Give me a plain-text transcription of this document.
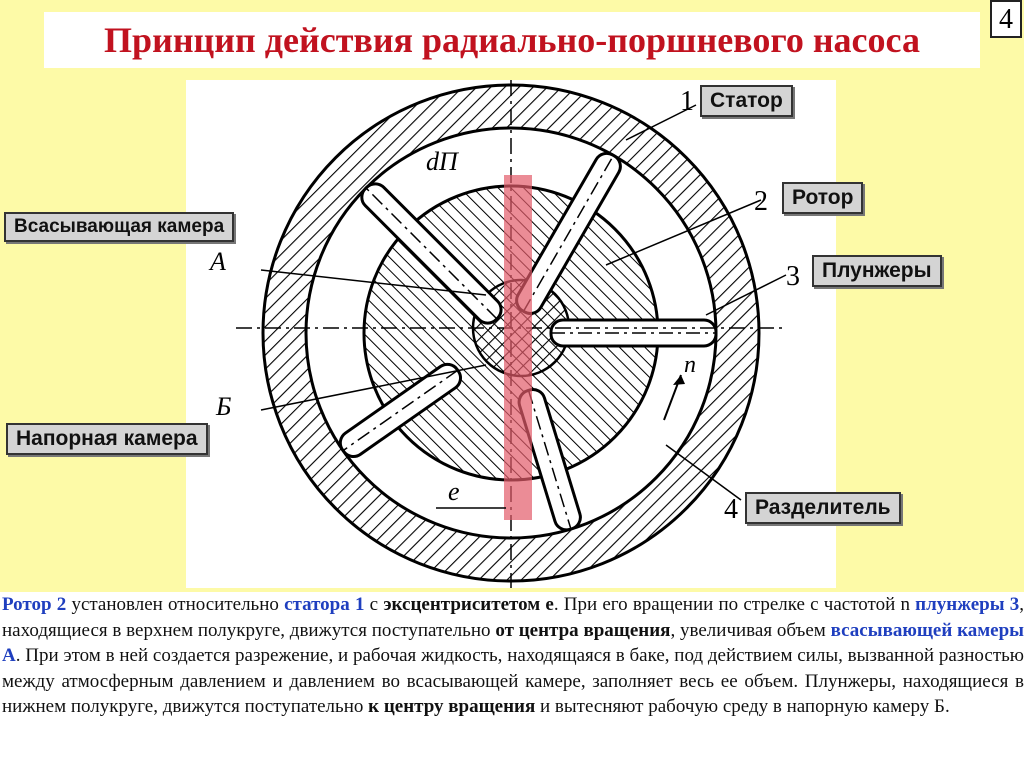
4
Принцип действия радиально-поршневого насоса
1
2
3
4
А
Б
dП
e
n
Статор
Ротор
Плунжеры
Всасывающая камера
Напорная камера
Разделитель

Ротор 2 установлен относительно статора 1 с эксцентриситетом е. При его вращении по стрелке с частотой n плунжеры 3, находящиеся в верхнем полукруге, движутся поступательно от центра вращения, увеличивая объем всасывающей камеры А. При этом в ней создается разрежение, и рабочая жидкость, находящаяся в баке, под действием силы, вызванной разностью между атмосферным давлением и давлением во всасывающей камере, заполняет весь ее объем. Плунжеры, находящиеся в нижнем полукруге, движутся поступательно к центру вращения и вытесняют рабочую среду в напорную камеру Б.
